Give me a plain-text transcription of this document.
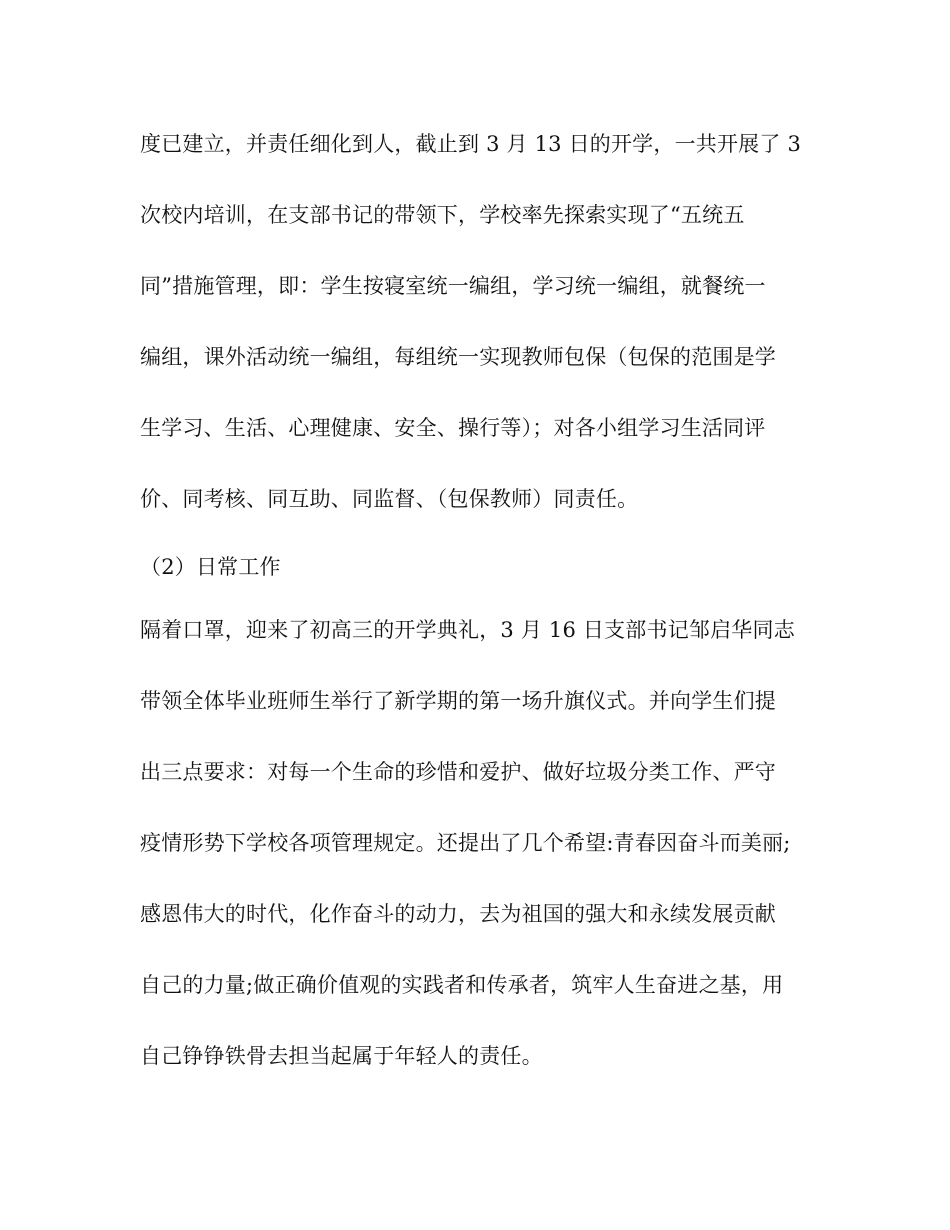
度已建立，并责任细化到人，截止到 3 月 13 日的开学，一共开展了 3
次校内培训，在支部书记的带领下，学校率先探索实现了“五统五
同”措施管理，即：学生按寝室统一编组，学习统一编组，就餐统一
编组，课外活动统一编组，每组统一实现教师包保（包保的范围是学
生学习、生活、心理健康、安全、操行等）；对各小组学习生活同评
价、同考核、同互助、同监督、（包保教师）同责任。
（2）日常工作
隔着口罩，迎来了初高三的开学典礼，3 月 16 日支部书记邹启华同志
带领全体毕业班师生举行了新学期的第一场升旗仪式。并向学生们提
出三点要求：对每一个生命的珍惜和爱护、做好垃圾分类工作、严守
疫情形势下学校各项管理规定。还提出了几个希望:青春因奋斗而美丽;
感恩伟大的时代，化作奋斗的动力，去为祖国的强大和永续发展贡献
自己的力量;做正确价值观的实践者和传承者，筑牢人生奋进之基，用
自己铮铮铁骨去担当起属于年轻人的责任。
